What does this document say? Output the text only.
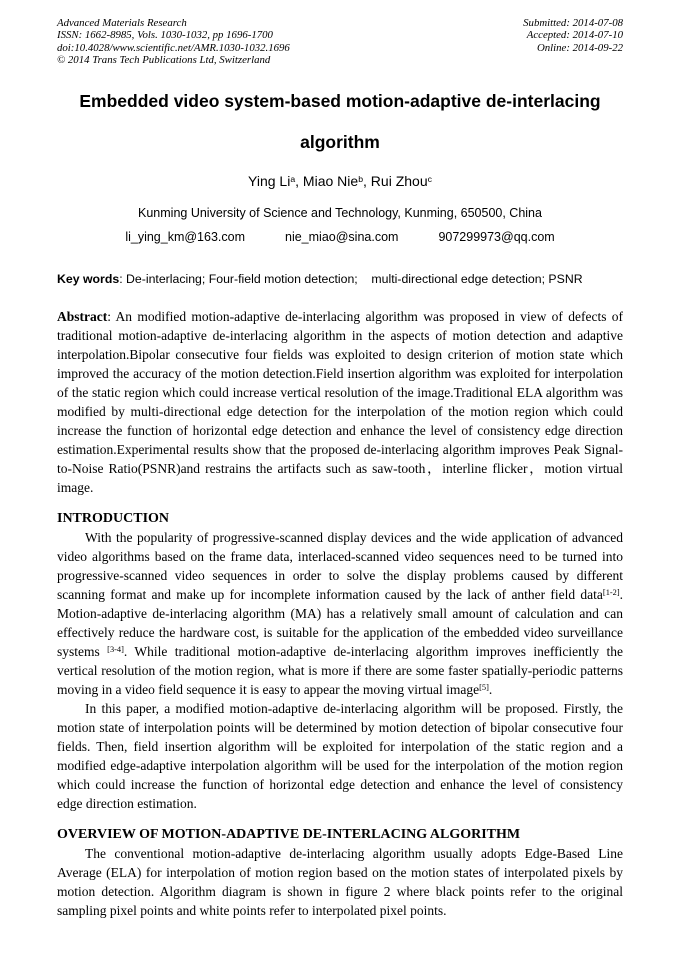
Advanced Materials Research
ISSN: 1662-8985, Vols. 1030-1032, pp 1696-1700
doi:10.4028/www.scientific.net/AMR.1030-1032.1696
© 2014 Trans Tech Publications Ltd, Switzerland
Submitted: 2014-07-08
Accepted: 2014-07-10
Online: 2014-09-22
Embedded video system-based motion-adaptive de-interlacing
algorithm
Ying Li$^a$, Miao Nie$^b$, Rui Zhou$^c$
Kunming University of Science and Technology, Kunming, 650500, China
li_ying_km@163.com	nie_miao@sina.com	907299973@qq.com
Key words: De-interlacing; Four-field motion detection;    multi-directional edge detection; PSNR

Abstract: An modified motion-adaptive de-interlacing algorithm was proposed in view of defects of traditional motion-adaptive de-interlacing algorithm in the aspects of motion detection and adaptive interpolation.Bipolar consecutive four fields was exploited to design criterion of motion state which improved the accuracy of the motion detection.Field insertion algorithm was exploited for interpolation of the static region which could increase vertical resolution of the image.Traditional ELA algorithm was modified by multi-directional edge detection for the interpolation of the motion region which could increase the function of horizontal edge detection and enhance the level of consistency edge direction estimation.Experimental results show that the proposed de-interlacing algorithm improves Peak Signal-to-Noise Ratio(PSNR)and restrains the artifacts such as saw-tooth，interline flicker，motion virtual image.

INTRODUCTION

With the popularity of progressive-scanned display devices and the wide application of advanced video algorithms based on the frame data, interlaced-scanned video sequences need to be turned into progressive-scanned video sequences in order to solve the display problems caused by different scanning format and make up for incomplete information caused by the lack of anther field data[1-2]. Motion-adaptive de-interlacing algorithm (MA) has a relatively small amount of calculation and can effectively reduce the hardware cost, is suitable for the application of the embedded video surveillance systems [3-4]. While traditional motion-adaptive de-interlacing algorithm improves inefficiently the vertical resolution of the motion region, what is more if there are some faster spatially-periodic patterns moving in a video field sequence it is easy to appear the moving virtual image[5].

In this paper, a modified motion-adaptive de-interlacing algorithm will be proposed. Firstly, the motion state of interpolation points will be determined by motion detection of bipolar consecutive four fields. Then, field insertion algorithm will be exploited for interpolation of the static region and a modified edge-adaptive interpolation algorithm will be used for the interpolation of the motion region which could increase the function of horizontal edge detection and enhance the level of consistency edge direction estimation.

OVERVIEW OF MOTION-ADAPTIVE DE-INTERLACING ALGORITHM

The conventional motion-adaptive de-interlacing algorithm usually adopts Edge-Based Line Average (ELA) for interpolation of motion region based on the motion states of interpolated pixels by motion detection. Algorithm diagram is shown in figure 2 where black points refer to the original sampling pixel points and white points refer to interpolated pixel points.
